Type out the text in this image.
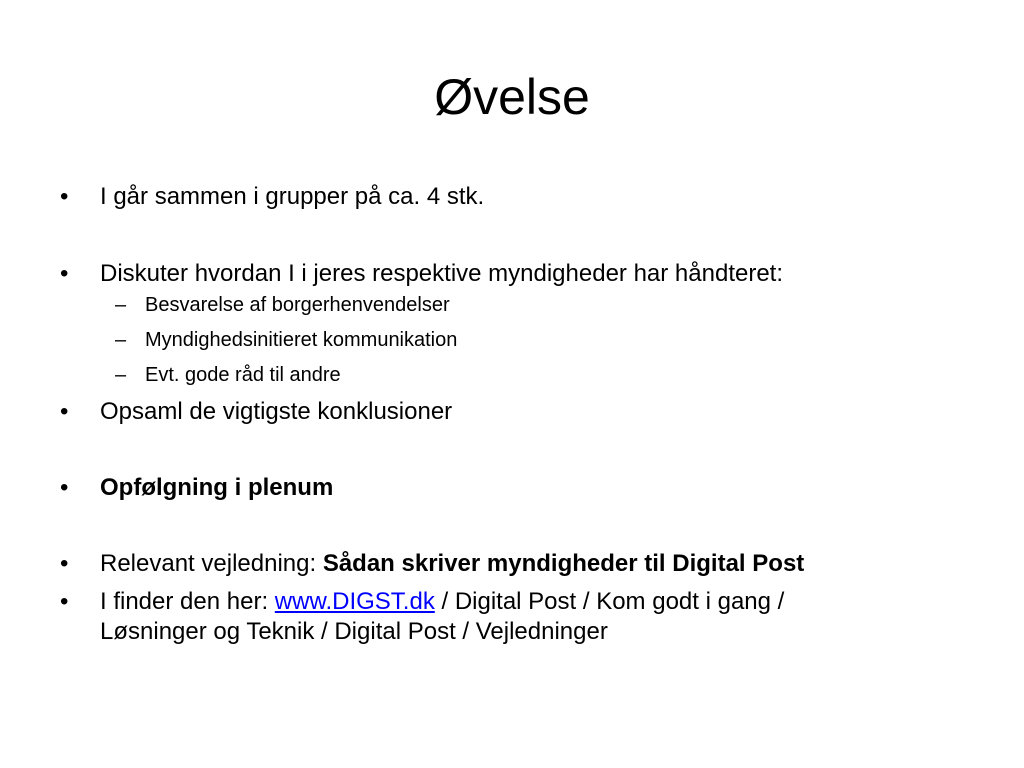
Øvelse
•	I går sammen i grupper på ca. 4 stk.
•	Diskuter hvordan I i jeres respektive myndigheder har håndteret:
– Besvarelse af borgerhenvendelser
– Myndighedsinitieret kommunikation
– Evt. gode råd til andre
•	Opsaml de vigtigste konklusioner
•	Opfølgning i plenum
•	Relevant vejledning: Sådan skriver myndigheder til Digital Post
•	I finder den her: www.DIGST.dk / Digital Post / Kom godt i gang /
Løsninger og Teknik / Digital Post / Vejledninger
